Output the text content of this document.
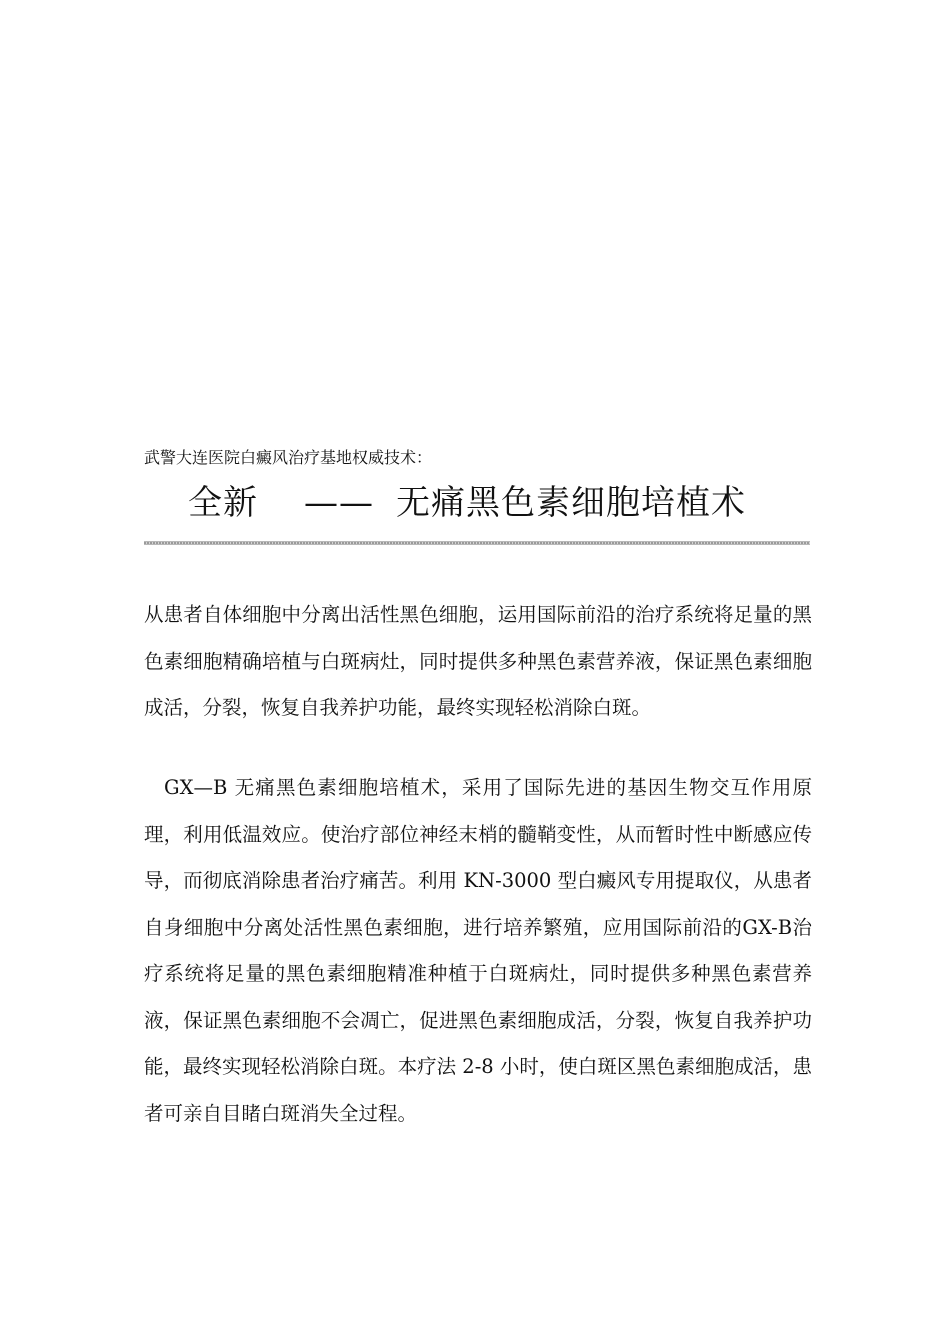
武警大连医院白癜风治疗基地权威技术：
全新 —— 无痛黑色素细胞培植术

从患者自体细胞中分离出活性黑色细胞，运用国际前沿的治疗系统将足量的黑色素细胞精确培植与白斑病灶，同时提供多种黑色素营养液，保证黑色素细胞成活，分裂，恢复自我养护功能，最终实现轻松消除白斑。

GX—B 无痛黑色素细胞培植术，采用了国际先进的基因生物交互作用原理，利用低温效应。使治疗部位神经末梢的髓鞘变性，从而暂时性中断感应传导，而彻底消除患者治疗痛苦。利用 KN-3000 型白癜风专用提取仪，从患者自身细胞中分离处活性黑色素细胞，进行培养繁殖，应用国际前沿的GX-B治疗系统将足量的黑色素细胞精准种植于白斑病灶，同时提供多种黑色素营养液，保证黑色素细胞不会凋亡，促进黑色素细胞成活，分裂，恢复自我养护功能，最终实现轻松消除白斑。本疗法 2-8 小时，使白斑区黑色素细胞成活，患者可亲自目睹白斑消失全过程。
